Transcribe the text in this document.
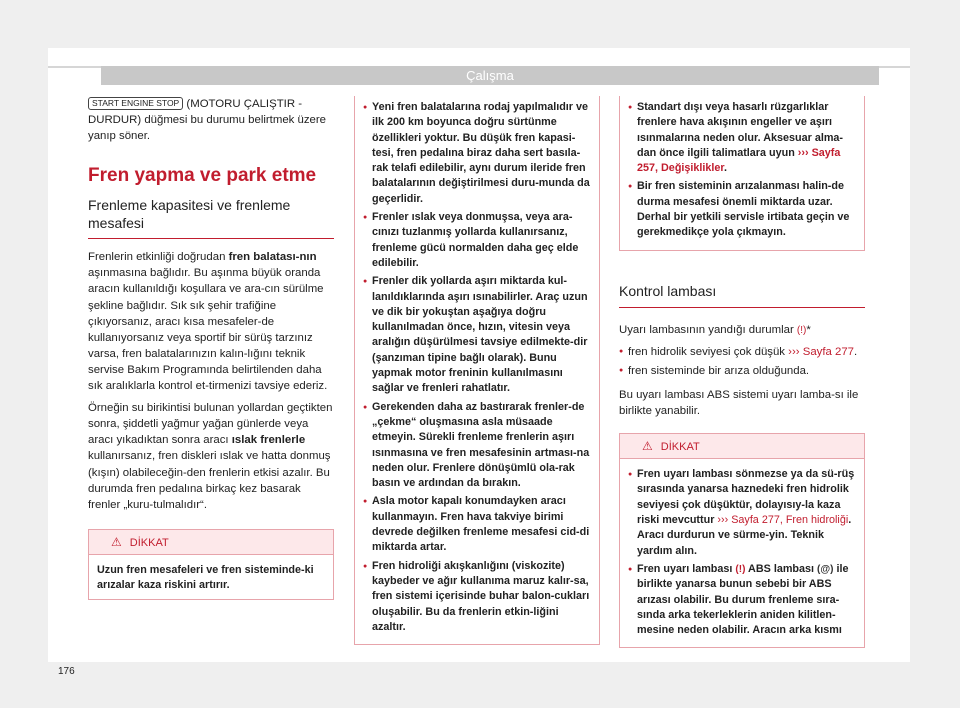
Çalışma

START ENGINE STOP (MOTORU ÇALIŞTIR - DURDUR) düğmesi bu durumu belirtmek üzere yanıp söner.

Fren yapma ve park etme
Frenleme kapasitesi ve frenleme mesafesi

Frenlerin etkinliği doğrudan fren balatası-nın aşınmasına bağlıdır. Bu aşınma büyük oranda aracın kullanıldığı koşullara ve ara-cın sürülme şekline bağlıdır. Sık sık şehir trafiğine çıkıyorsanız, aracı kısa mesafeler-de kullanıyorsanız veya sportif bir sürüş tarzınız varsa, fren balatalarınızın kalın-lığını teknik servise Bakım Programında belirtilenden daha sık aralıklarla kontrol et-tirmenizi tavsiye ederiz.

Örneğin su birikintisi bulunan yollardan geçtikten sonra, şiddetli yağmur yağan günlerde veya aracı yıkadıktan sonra aracı ıslak frenlerle kullanırsanız, fren diskleri ıslak ve hatta donmuş (kışın) olabileceğin-den frenlerin etkisi azalır. Bu durumda fren pedalına birkaç kez basarak frenler „kuru-tulmalıdır“.

⚠ DİKKAT

Uzun fren mesafeleri ve fren sisteminde-ki arızalar kaza riskini artırır.

● Yeni fren balatalarına rodaj yapılmalıdır ve ilk 200 km boyunca doğru sürtünme özellikleri yoktur. Bu düşük fren kapasi-tesi, fren pedalına biraz daha sert basıla-rak telafi edilebilir, aynı durum ileride fren balatalarının değiştirilmesi duru-munda da geçerlidir.

● Frenler ıslak veya donmuşsa, veya ara-cınızı tuzlanmış yollarda kullanırsanız, frenleme gücü normalden daha geç elde edilebilir.

● Frenler dik yollarda aşırı miktarda kul-lanıldıklarında aşırı ısınabilirler. Araç uzun ve dik bir yokuştan aşağıya doğru kullanılmadan önce, hızın, vitesin veya aralığın düşürülmesi tavsiye edilmekte-dir (şanzıman tipine bağlı olarak). Bunu yapmak motor freninin kullanılmasını sağlar ve frenleri rahatlatır.

● Gerekenden daha az bastırarak frenler-de „çekme“ oluşmasına asla müsaade etmeyin. Sürekli frenleme frenlerin aşırı ısınmasına ve fren mesafesinin artması-na neden olur. Frenlere dönüşümlü ola-rak basın ve ardından da bırakın.

● Asla motor kapalı konumdayken aracı kullanmayın. Fren hava takviye birimi devrede değilken frenleme mesafesi cid-di miktarda artar.

● Fren hidroliği akışkanlığını (viskozite) kaybeder ve ağır kullanıma maruz kalır-sa, fren sistemi içerisinde buhar balon-cukları oluşabilir. Bu da frenlerin etkin-liğini azaltır.

● Standart dışı veya hasarlı rüzgarlıklar frenlere hava akışının engeller ve aşırı ısınmalarına neden olur. Aksesuar alma-dan önce ilgili talimatlara uyun ››› Sayfa 257, Değişiklikler.

● Bir fren sisteminin arızalanması halin-de durma mesafesi önemli miktarda uzar. Derhal bir yetkili servisle irtibata geçin ve gerekmedikçe yola çıkmayın.

Kontrol lambası

Uyarı lambasının yandığı durumlar (!)*

● fren hidrolik seviyesi çok düşük ››› Sayfa 277.

● fren sisteminde bir arıza olduğunda.

Bu uyarı lambası ABS sistemi uyarı lamba-sı ile birlikte yanabilir.

⚠ DİKKAT

● Fren uyarı lambası sönmezse ya da sü-rüş sırasında yanarsa haznedeki fren hidrolik seviyesi çok düşüktür, dolayısıy-la kaza riski mevcuttur ››› Sayfa 277, Fren hidroliği. Aracı durdurun ve sürme-yin. Teknik yardım alın.

● Fren uyarı lambası (!) ABS lambası (@) ile birlikte yanarsa bunun sebebi bir ABS arızası olabilir. Bu durum frenleme sıra-sında arka tekerleklerin aniden kilitlen-mesine neden olabilir. Aracın arka kısmı

176
